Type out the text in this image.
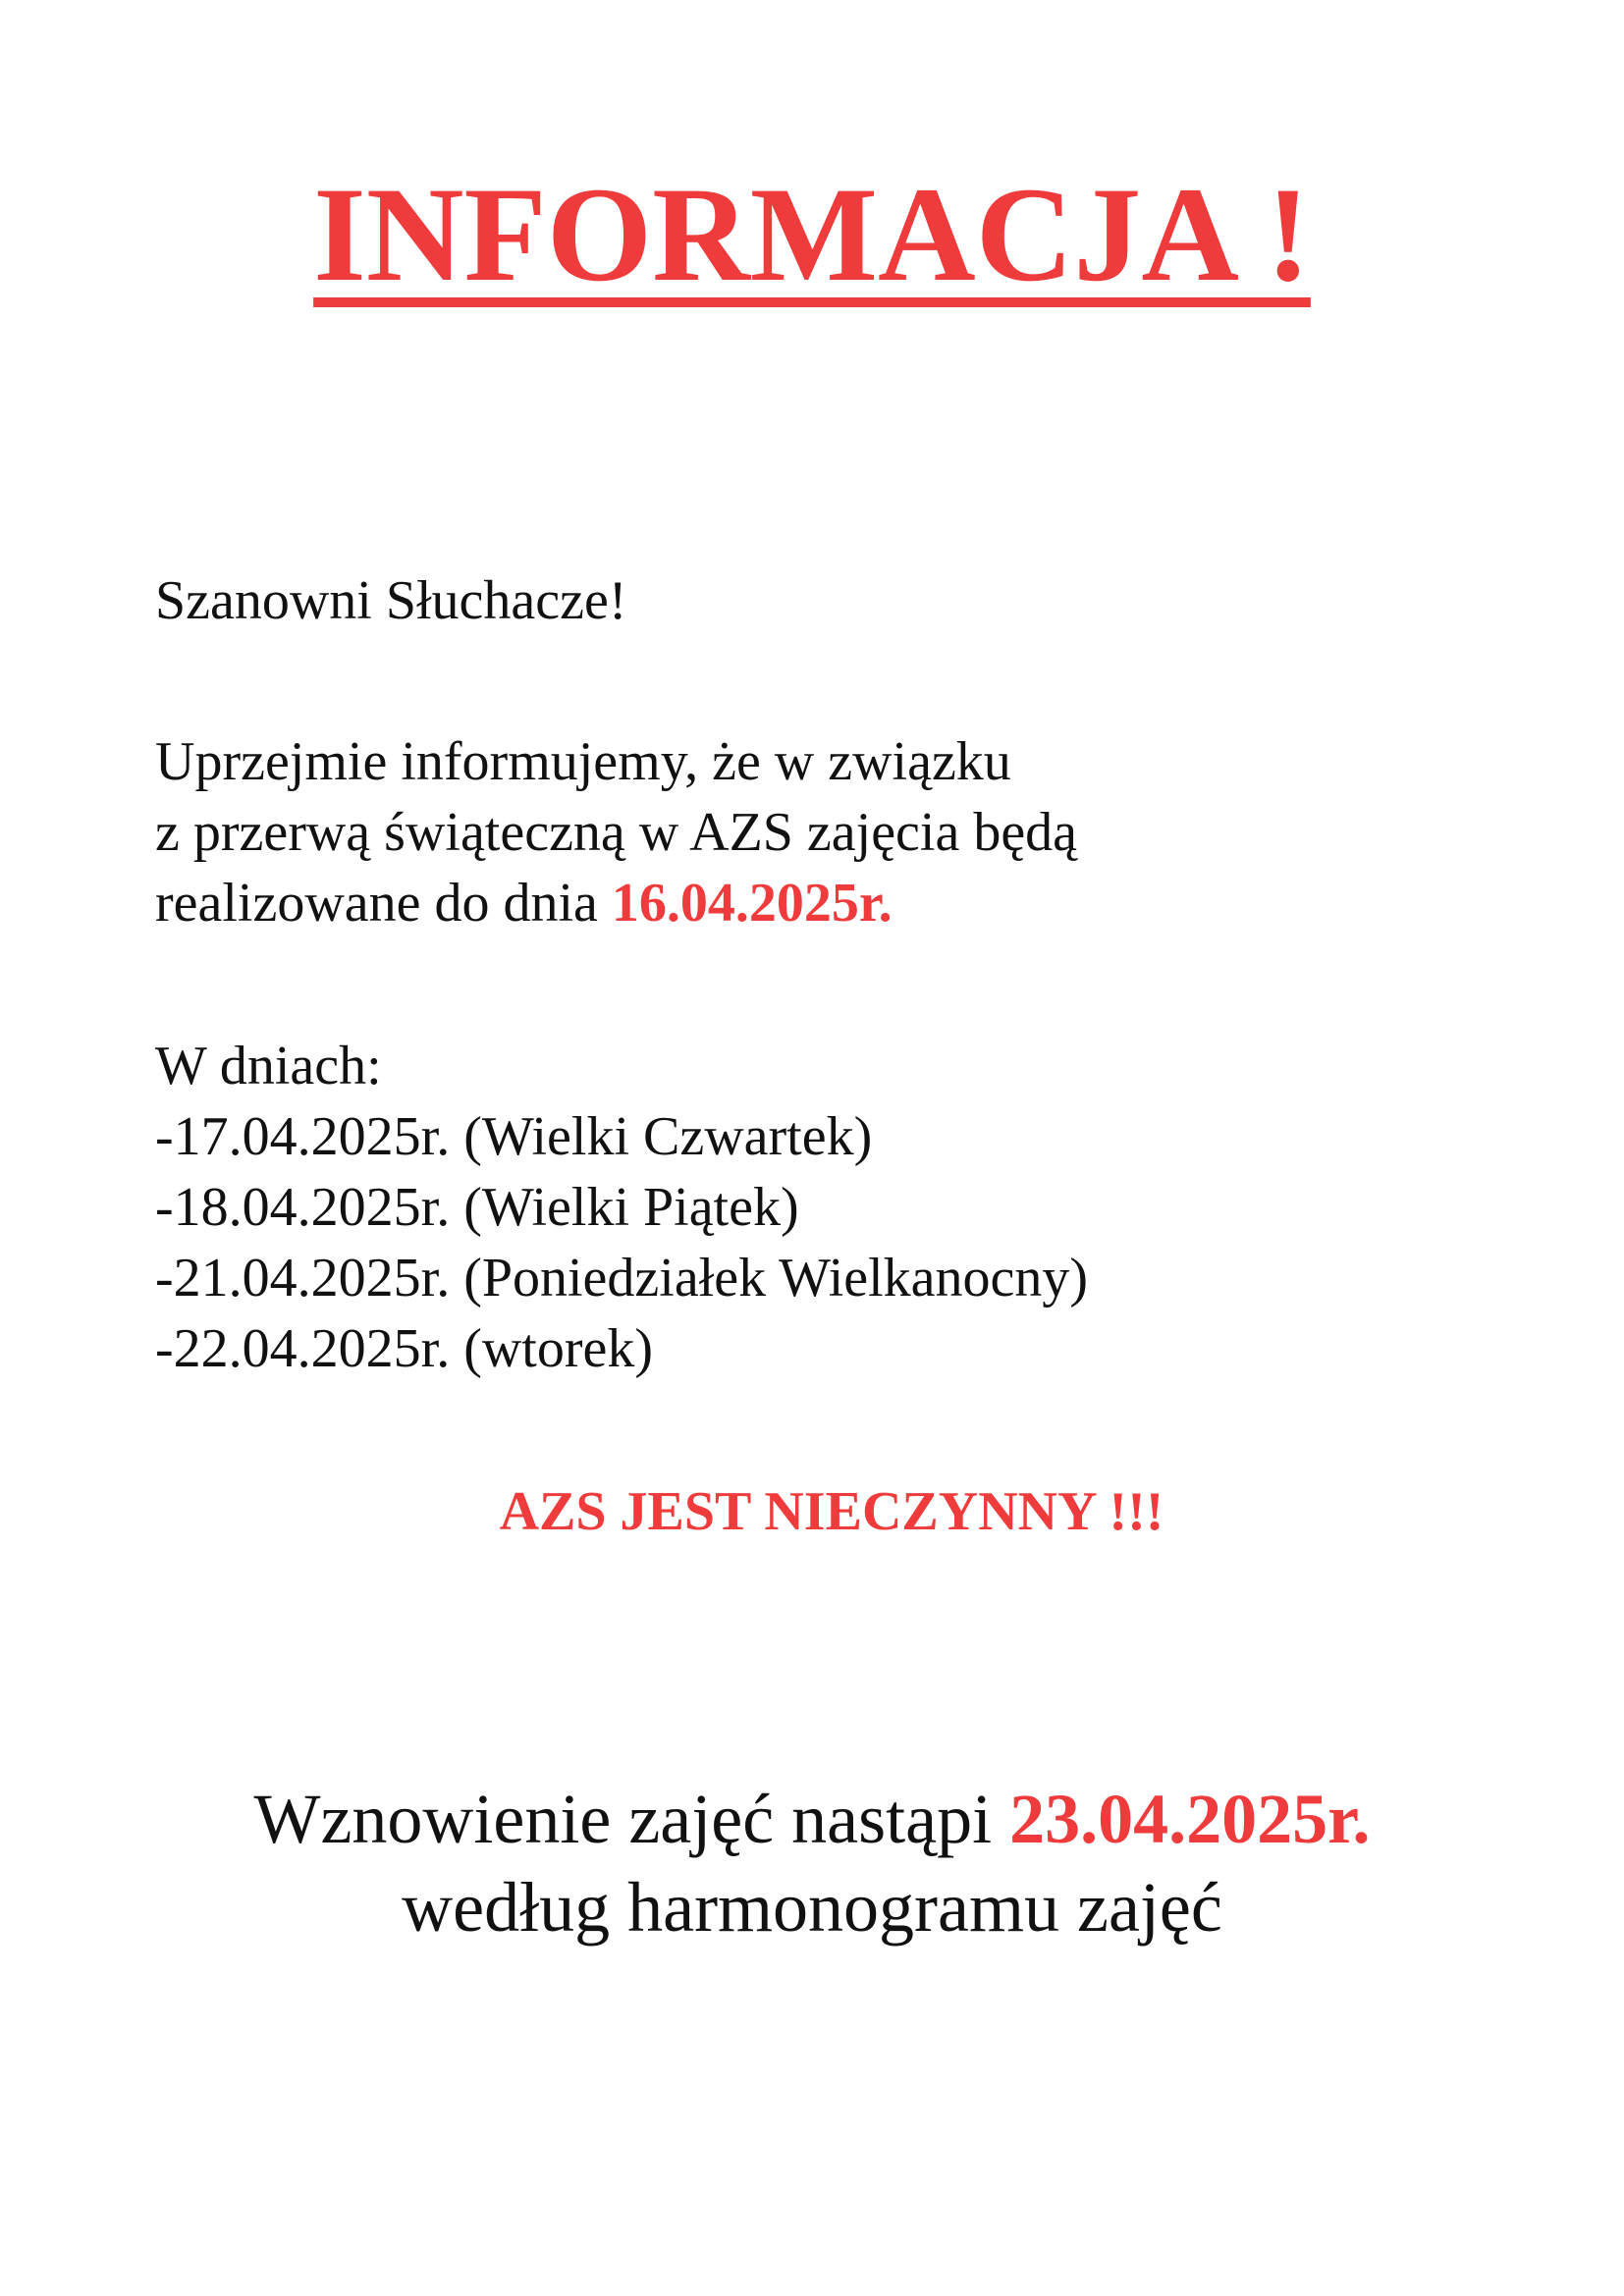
INFORMACJA !
Szanowni Słuchacze!
Uprzejmie informujemy, że w związku
z przerwą świąteczną w AZS zajęcia będą
realizowane do dnia 16.04.2025r.
W dniach:
-17.04.2025r. (Wielki Czwartek)
-18.04.2025r. (Wielki Piątek)
-21.04.2025r. (Poniedziałek Wielkanocny)
-22.04.2025r. (wtorek)
AZS JEST NIECZYNNY !!!
Wznowienie zajęć nastąpi 23.04.2025r.
według harmonogramu zajęć
